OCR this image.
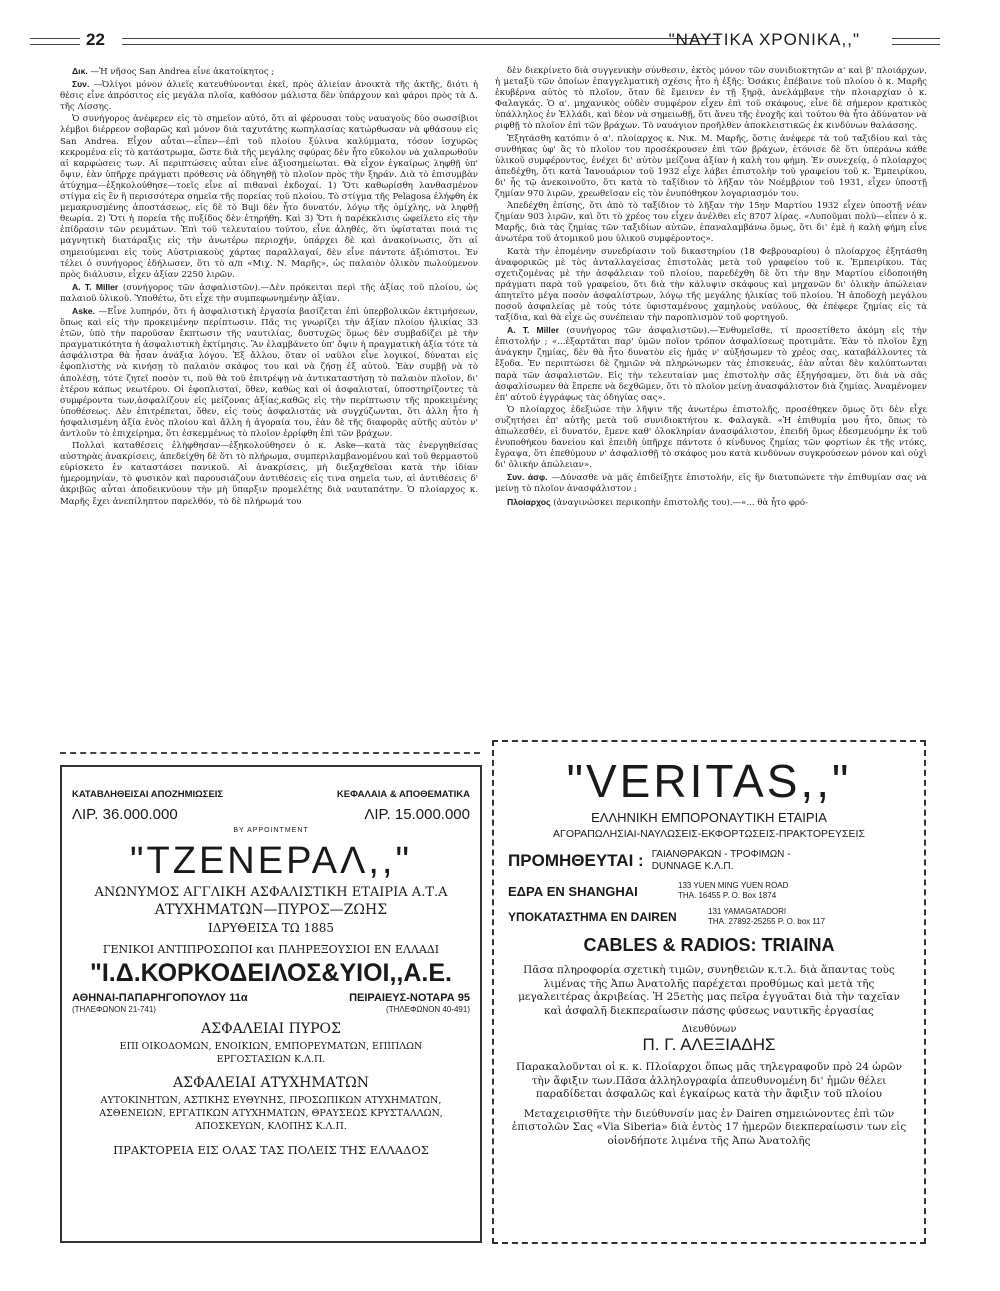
22	"ΝΑΥΤΙΚΑ ΧΡΟΝΙΚΑ,,"

Δικ. —Ἡ νῆσος San Andrea εἶνε ἀκατοίκητος ;

Συν. —Ὀλίγοι μόνον ἁλιεῖς κατευθύνονται ἐκεῖ, πρὸς ἁλιείαν ἀνοικτὰ τῆς ἀκτῆς, διότι ἡ θέσις εἶνε ἀπρόσιτος εἰς μεγάλα πλοῖα, καθόσον μάλιστα δὲν ὑπάρχουν καὶ φάροι πρὸς τὰ Δ. τῆς Λίσσης.

Ὁ συνήγορος ἀνέφερεν εἰς τὸ σημεῖον αὐτό, ὅτι αἱ φέρουσαι τοὺς ναυαγοὺς δύο σωσσίβιοι λέμβοι διέρρεον σοβαρῶς καὶ μόνον διὰ ταχυτάτης κωπηλασίας κατώρθωσαν νὰ φθάσουν εἰς San Andrea. Εἶχον αὗται—εἶπεν—ἐπὶ τοῦ πλοίου ξύλινα καλύμματα, τόσον ἰσχυρῶς κεκρομένα εἰς τὸ κατάστρωμα, ὥστε διὰ τῆς μεγάλης σφύρας δὲν ἦτο εὔκολον νὰ χαλαρωθοῦν αἱ καρφώσεις των. Αἱ περιπτώσεις αὗται εἶνε ἀξιοσημείωται. Θὰ εἶχον ἐγκαίρως ληφθῇ ὑπ' ὄψιν, ἐὰν ὑπῆρχε πράγματι πρόθεσις νὰ ὁδηγηθῇ τὸ πλοῖον πρὸς τὴν ξηράν. Διὰ τὸ ἐπισυμβὰν ἀτύχημα—ἐξηκολούθησε—τοεῖς εἶνε αἱ πιθαναὶ ἐκδοχαί. 1) Ὅτι καθωρίσθη λανθασμένον στίγμα εἰς ἓν ἢ περισσότερα σημεῖα τῆς πορείας τοῦ πλοίου. Τὸ στίγμα τῆς Pelagosa ἐλήφθη ἐκ μεμακρυσμένης ἀποστάσεως, εἰς δὲ τὸ Buji δὲν ἦτο δυνατόν, λόγῳ τῆς ὁμίχλης, νὰ ληφθῇ θεωρία. 2) Ὅτι ἡ πορεία τῆς πυξίδος δὲν ἐτηρήθη. Καὶ 3) Ὅτι ἡ παρέκκλισις ὠφείλετο εἰς τὴν ἐπίδρασιν τῶν ρευμάτων. Ἐπὶ τοῦ τελευταίου τούτου, εἶνε ἀληθές, ὅτι ὑφίσταται ποιά τις μαγνητικὴ διατάραξις εἰς τὴν ἀνωτέρω περιοχήν, ὑπάρχει δὲ καὶ ἀνακοίνωσις, ὅτι αἱ σημειούμεναι εἰς τοὺς Αὐστριακοὺς χάρτας παραλλαγαί, δὲν εἶνε πάντοτε ἀξιόπιστοι. Ἐν τέλει ὁ συνήγορος ἐδήλωσεν, ὅτι τὸ α/π «Μιχ. Ν. Μαρῆς», ὡς παλαιὸν ὁλικὸν πωλούμενον πρὸς διάλυσιν, εἶχεν ἀξίαν 2250 λιρῶν.

A. T. Miller (συνήγορος τῶν ἀσφαλιστῶν).—Δὲν πρόκειται περὶ τῆς ἀξίας τοῦ πλοίου, ὡς παλαιοῦ ὑλικοῦ. Ὑποθέτω, ὅτι εἶχε τὴν συμπεφωνημένην ἀξίαν.

Aske. —Εἶνε λυπηρόν, ὅτι ἡ ἀσφαλιστικὴ ἐργασία βασίζεται ἐπὶ ὑπερβολικῶν ἐκτιμήσεων, ὅπως καὶ εἰς τὴν προκειμένην περίπτωσιν. Πᾶς τις γνωρίζει τὴν ἀξίαν πλοίου ἡλικίας 33 ἐτῶν, ὑπὸ τὴν παροῦσαν ἔκπτωσιν τῆς ναυτιλίας, δυστυχῶς ὅμως δὲν συμβαδίζει μὲ τὴν πραγματικότητα ἡ ἀσφαλιστικὴ ἐκτίμησις. Ἂν ἐλαμβάνετο ὑπ' ὄψιν ἡ πραγματικὴ ἀξία τότε τὰ ἀσφάλιστρα θὰ ἦσαν ἀνάξια λόγου. Ἐξ ἄλλου, ὅταν οἱ ναῦλοι εἶνε λογικοί, δύναται εἰς ἐφοπλιστὴς νὰ κινήσῃ τὸ παλαιὸν σκάφος του καὶ νὰ ζήσῃ ἐξ αὐτοῦ. Ἐὰν συμβῇ νὰ τὸ ἀπολέσῃ, τότε ζητεῖ ποσὸν τι, ποῦ θὰ τοῦ ἐπιτρέψῃ νὰ ἀντικαταστήσῃ τὸ παλαιὸν πλοῖον, δι' ἑτέρου κάπως νεωτέρου. Οἱ ἐφοπλισταί, ὅθεν, καθὼς καὶ οἱ ἀσφαλισταί, ὑποστηρίζοντες τὰ συμφέροντα των,ἀσφαλίζουν εἰς μείζονας ἀξίας,καθῶς εἰς τὴν περίπτωσιν τῆς προκειμένης ὑποθέσεως. Δὲν ἐπιτρέπεται, ὅθεν, εἰς τοὺς ἀσφαλιστὰς νὰ συγχύζωνται, ὅτι ἀλλη ἦτο ἡ ἠσφαλισμένη ἀξία ἑνὸς πλοίου καὶ ἄλλη ἡ ἀγοραία του, ἐὰν δὲ τῆς διαφορᾶς αὐτῆς αὐτὸν ν' ἀντλοῦν τὸ ἐπιχείρημα, ὅτι ἐσκεμμένως τὸ πλοῖον ἐρρίφθη ἐπὶ τῶν βράχων.

Πολλαὶ καταθέσεις ἐλήφθησαν—ἐξηκολούθησεν ὁ κ. Aske—κατὰ τὰς ἐνεργηθείσας αὐστηρὰς ἀνακρίσεις, ἀπεδείχθη δὲ ὅτι τὸ πλήρωμα, συμπεριλαμβανομένου καὶ τοῦ θερμαστοῦ εὑρίσκετο ἐν καταστάσει πανικοῦ. Αἱ ἀνακρίσεις, μὴ διεξαχθεῖσαι κατὰ τὴν ἰδίαν ἡμερομηνίαν, τὸ φυσικὸν καὶ παρουσιάζουν ἀντιθέσεις εἰς τινα σημεῖα των, αἱ ἀντιθέσεις δ' ἀκριβῶς αὗται ἀποδεικνύουν τὴν μὴ ὕπαρξιν προμελέτης διὰ ναυταπάτην. Ὁ πλοίαρχος κ. Μαρῆς ἔχει ἀνεπίληπτον παρελθόν, τὸ δὲ πλήρωμά του

δὲν διεκρίνετο διὰ συγγενικὴν σύνθεσιν, ἐκτὸς μόνον τῶν συνιδιοκτητῶν α' καὶ β' πλοιάρχων, ἡ μεταξὺ τῶν ὁποίων ἐπαγγελματικὴ σχέσις ἦτο ἡ ἑξῆς: Ὁσάκις ἐπέβαινε τοῦ πλοίου ὁ κ. Μαρῆς ἐκυβέρνα αὐτὸς τὸ πλοῖον, ὅταν δὲ ἔμεινεν ἐν τῇ ξηρᾷ, ἀνελάμβανε τὴν πλοιαρχίαν ὁ κ. Φαλαγκάς. Ὁ α'. μηχανικὸς οὐδὲν συμφέρον εἶχεν ἐπὶ τοῦ σκάφους, εἶνε δὲ σήμερον κρατικὸς ὑπάλληλος ἐν Ἑλλάδι, καὶ δὲον νὰ σημειωθῇ, ὅτι ἄνευ τῆς ἐνοχῆς καὶ τούτου θὰ ἦτο ἀδύνατον νὰ ριφθῇ τὸ πλοῖον ἐπὶ τῶν βράχων. Τὸ ναυάγιον προῆλθεν ἀποκλειστικῶς ἐκ κινδύνων θαλάσσης.

Ἐξητάσθη κατόπιν ὁ α'. πλοίαρχος κ. Νικ. Μ. Μαρῆς, ὅστις ἀνέφερε τὰ τοῦ ταξιδίου καὶ τὰς συνθήκας ὑφ' ἃς τὸ πλοῖον του προσέκρουσεν ἐπὶ τῶν βράχων, ἐτόνισε δὲ ὅτι ὑπεράνω κάθε ὑλικοῦ συμφέροντος, ἐνέχει δι' αὐτὸν μείζονα ἀξίαν ἡ καλὴ του φήμη. Ἐν συνεχείᾳ, ὁ πλοίαρχος ἀπεδέχθη, ὅτι κατὰ Ἰανουάριον τοῦ 1932 εἶχε λάβει ἐπιστολὴν τοῦ γραφείου τοῦ κ. Ἐμπειρίκου, δι' ἧς τῷ ἀνεκοινοῦτο, ὅτι κατὰ τὸ ταξίδιον τὸ λῆξαν τὸν Νοέμβριον τοῦ 1931, εἶχεν ὑποστῇ ζημίαν 970 λιρῶν, χρεωθεῖσαν εἰς τὸν ἐνυπόθηκον λογαριασμόν του.

Ἀπεδέχθη ἐπίσης, ὅτι ἀπὸ τὸ ταξίδιον τὸ λῆξαν τὴν 15ην Μαρτίου 1932 εἶχεν ὑποστῇ νέαν ζημίαν 903 λιρῶν, καὶ ὅτι τὸ χρέος του εἶχεν ἀνέλθει εἰς 8707 λίρας. «Λυποῦμαι πολὺ—εἶπεν ὁ κ. Μαρῆς, διὰ τὰς ζημίας τῶν ταξιδίων αὐτῶν, ἐπαναλαμβάνω ὅμως, ὅτι δι' ἐμὲ ἡ καλὴ φήμη εἶνε ἀνωτέρα τοῦ ἀτομικοῦ μου ὑλικοῦ συμφέροντος».

Κατὰ τὴν ἑπομένην συνεδρίασιν τοῦ δικαστηρίου (18 Φεβρουαρίου) ὁ πλοίαρχος ἐξητάσθη ἀναφορικῶς μὲ τὸς ἀνταλλαγείσας ἐπιστολὰς μετὰ τοῦ γραφείου τοῦ κ. Ἐμπειρίκου. Τὰς σχετιζομένας μὲ τὴν ἀσφάλειαν τοῦ πλοίου, παρεδέχθη δὲ ὅτι τὴν 8ην Μαρτίου εἰδοποιήθη πράγματι παρὰ τοῦ γραφείου, ὅτι διὰ τὴν κάλυψιν σκάφους καὶ μηχανῶν δι' ὁλικὴν ἀπώλειαν ἀπητεῖτο μέγα ποσὸν ἀσφαλίστρων, λόγῳ τῆς μεγάλης ἡλικίας τοῦ πλοίου. Ἡ ἀποδοχὴ μεγάλου ποσοῦ ἀσφαλείας μὲ τοὺς τότε ὑφισταμένους χαμηλοὺς ναύλους, θὰ ἐπέφερε ζημίας εἰς τὰ ταξίδια, καὶ θὰ εἶχε ὡς συνέπειαν τὴν παροπλισμὸν τοῦ φορτηγοῦ.

A. T. Miller (συνήγορος τῶν ἀσφαλιστῶν).—Ἐνθυμεῖσθε, τί προσετίθετο ἀκόμη εἰς τὴν ἐπιστολήν ; «...ἐξαρτᾶται παρ' ὑμῶν ποῖον τρόπον ἀσφαλίσεως προτιμᾶτε. Ἐὰν τὸ πλοῖον ἔχῃ ἀνάγκην ζημίας, δὲν θὰ ἦτο δυνατὸν εἰς ἡμᾶς ν' αὐξήσωμεν τὸ χρέος σας, καταβάλλοντες τὰ ἔξοδα. Ἐν περιπτώσει δὲ ζημιῶν νὰ πληρώνωμεν τὰς ἐπισκευάς, ἐὰν αὗται δὲν καλύπτωνται παρὰ τῶν ἀσφαλιστῶν. Εἰς τὴν τελευταίαν μας ἐπιστολὴν σᾶς ἐξηγήσαμεν, ὅτι διὰ νὰ σᾶς ἀσφαλίσωμεν θὰ ἔπρεπε νὰ δεχθῶμεν, ὅτι τὸ πλοῖον μείνῃ ἀνασφάλιστον διὰ ζημίας. Ἀναμένομεν ἐπ' αὐτοῦ ἐγγράφως τὰς ὁδηγίας σας».

Ὁ πλοίαρχος ἐδεξιώσε τὴν λῆψιν τῆς ἀνωτέρω ἐπιστολῆς, προσέθηκεν ὅμως ὅτι δὲν εἶχε συζητήσει ἐπ' αὐτῆς μετὰ τοῦ συνιδιοκτήτου κ. Φαλαγκᾶ. «Ἡ ἐπιθυμία μου ἦτο, ὅπως τὸ ἀπωλεσθέν, εἰ δυνατόν, ἔμενε καθ' ὁλοκληρίαν ἀνασφάλιστον, ἐπειδὴ ὅμως ἐδεσμευόμην ἐκ τοῦ ἐνυποθήκου δανείου καὶ ἐπειδὴ ὑπῆρχε πάντοτε ὁ κίνδυνος ζημίας τῶν φορτίων ἐκ τῆς ντόκς, ἔγραψα, ὅτι ἐπεθύμουν ν' ἀσφαλισθῇ τὸ σκάφος μου κατὰ κινδύνων συγκρούσεων μόνον καὶ οὐχὶ δι' ὁλικὴν ἀπώλειαν».

Συν. ἀσφ. —Δύνασθε νὰ μᾶς ἐπιδείξῃτε ἐπιστολήν, εἰς ἣν διατυπώνετε τὴν ἐπιθυμίαν σας νὰ μείνῃ τὸ πλοῖον ἀνασφάλιστον ;

Πλοίαρχος (ἀναγινώσκει περικοπὴν ἐπιστολῆς του).—«... θὰ ἦτο φρό-

ΚΑΤΑΒΛΗΘΕΙΣΑΙ ΑΠΟΖΗΜΙΩΣΕΙΣ	ΚΕΦΑΛΑΙΑ & ΑΠΟΘΕΜΑΤΙΚΑ
ΛΙΡ. 36.000.000	ΛΙΡ. 15.000.000
BY APPOINTMENT
"ΤΖΕΝΕΡΑΛ,,"
ΑΝΩΝΥΜΟΣ ΑΓΓΛΙΚΗ ΑΣΦΑΛΙΣΤΙΚΗ ΕΤΑΙΡΙΑ Α.Τ.Α
ΑΤΥΧΗΜΑΤΩΝ—ΠΥΡΟΣ—ΖΩΗΣ
ΙΔΡΥΘΕΙΣΑ ΤΩ 1885
ΓΕΝΙΚΟΙ ΑΝΤΙΠΡΟΣΩΠΟΙ και ΠΛΗΡΕΞΟΥΣΙΟΙ ΕΝ ΕΛΛΑΔΙ
"Ι.Δ.ΚΟΡΚΟΔΕΙΛΟΣ&ΥΙΟΙ,,Α.Ε.
ΑΘΗΝΑΙ-ΠΑΠΑΡΗΓΟΠΟΥΛΟΥ 11α	ΠΕΙΡΑΙΕΥΣ-ΝΟΤΑΡΑ 95
(ΤΗΛΕΦΩΝΟΝ 21-741)	(ΤΗΛΕΦΩΝΟΝ 40-491)
ΑΣΦΑΛΕΙΑΙ ΠΥΡΟΣ
ΕΠΙ ΟΙΚΟΔΟΜΩΝ, ΕΝΟΙΚΙΩΝ, ΕΜΠΟΡΕΥΜΑΤΩΝ, ΕΠΙΠΛΩΝ ΕΡΓΟΣΤΑΣΙΩΝ Κ.Λ.Π.
ΑΣΦΑΛΕΙΑΙ ΑΤΥΧΗΜΑΤΩΝ
ΑΥΤΟΚΙΝΗΤΩΝ, ΑΣΤΙΚΗΣ ΕΥΘΥΝΗΣ, ΠΡΟΣΩΠΙΚΩΝ ΑΤΥΧΗΜΑΤΩΝ, ΑΣΘΕΝΕΙΩΝ, ΕΡΓΑΤΙΚΩΝ ΑΤΥΧΗΜΑΤΩΝ, ΘΡΑΥΣΕΩΣ ΚΡΥΣΤΑΛΛΩΝ, ΑΠΟΣΚΕΥΩΝ, ΚΛΟΠΗΣ Κ.Λ.Π.
ΠΡΑΚΤΟΡΕΙΑ ΕΙΣ ΟΛΑΣ ΤΑΣ ΠΟΛΕΙΣ ΤΗΣ ΕΛΛΑΔΟΣ
"VERITAS,,"
ΕΛΛΗΝΙΚΗ ΕΜΠΟΡΟΝΑΥΤΙΚΗ ΕΤΑΙΡΙΑ
ΑΓΟΡΑΠΩΛΗΣΙΑΙ-ΝΑΥΛΩΣΕΙΣ-ΕΚΦΟΡΤΩΣΕΙΣ-ΠΡΑΚΤΟΡΕΥΣΕΙΣ
ΠΡΟΜΗΘΕΥΤΑΙ : ΓΑΙΑΝΘΡΑΚΩΝ - ΤΡΟΦΙΜΩΝ - DUNNAGE Κ.Λ.Π.
ΕΔΡΑ ΕΝ SHANGHAI	133 YUEN MING YUEN ROAD
THA. 16455 P. O. Box 1874
ΥΠΟΚΑΤΑΣΤΗΜΑ ΕΝ DAIREN	131 YAMAGATADORI
THA. 27892-25255 P. O. box 117
CABLES & RADIOS: TRIAINA
Πᾶσα πληροφορία σχετικὴ τιμῶν, συνηθειῶν κ.τ.λ. διὰ ἅπαντας τοὺς λιμένας τῆς Ἀπω Ἀνατολῆς παρέχεται προθύμως καὶ μετὰ τῆς μεγαλειτέρας ἀκριβείας. Ἡ 25ετὴς μας πεῖρα ἐγγυᾶται διὰ τὴν ταχεῖαν καὶ ἀσφαλῆ διεκπεραίωσιν πάσης φύσεως ναυτικῆς ἐργασίας
Διευθύνων
Π. Γ. ΑΛΕΞΙΑΔΗΣ
Παρακαλοῦνται οἱ κ. κ. Πλοίαρχοι ὅπως μᾶς τηλεγραφοῦν πρὸ 24 ὡρῶν τὴν ἄφιξιν των.Πᾶσα ἀλληλογραφία ἀπευθυνομένη δι' ἡμῶν θέλει παραδίδεται ἀσφαλῶς καὶ ἐγκαίρως κατὰ τὴν ἄφιξιν τοῦ πλοίου
Μεταχειρισθῆτε τὴν διεύθυνσίν μας ἐν Dairen σημειώνοντες ἐπὶ τῶν ἐπιστολῶν Σας «Via Siberia» διὰ ἐντὸς 17 ἡμερῶν διεκπεραίωσιν των εἰς οἱονδήποτε λιμένα τῆς Ἀπω Ἀνατολῆς
